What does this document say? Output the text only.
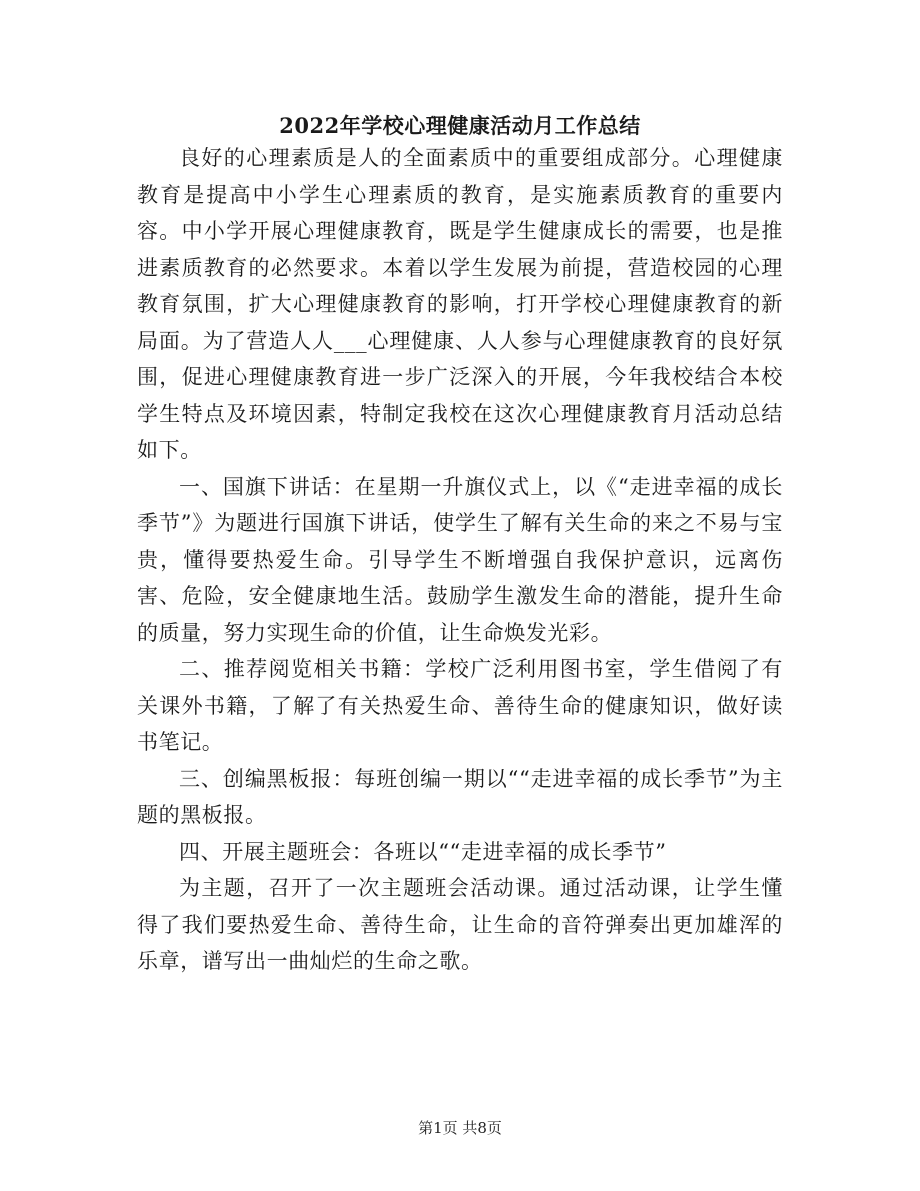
2022年学校心理健康活动月工作总结

良好的心理素质是人的全面素质中的重要组成部分。心理健康教育是提高中小学生心理素质的教育，是实施素质教育的重要内容。中小学开展心理健康教育，既是学生健康成长的需要，也是推进素质教育的必然要求。本着以学生发展为前提，营造校园的心理教育氛围，扩大心理健康教育的影响，打开学校心理健康教育的新局面。为了营造人人___心理健康、人人参与心理健康教育的良好氛围，促进心理健康教育进一步广泛深入的开展，今年我校结合本校学生特点及环境因素，特制定我校在这次心理健康教育月活动总结如下。

一、国旗下讲话：在星期一升旗仪式上，以《“走进幸福的成长季节”》为题进行国旗下讲话，使学生了解有关生命的来之不易与宝贵，懂得要热爱生命。引导学生不断增强自我保护意识，远离伤害、危险，安全健康地生活。鼓励学生激发生命的潜能，提升生命的质量，努力实现生命的价值，让生命焕发光彩。

二、推荐阅览相关书籍：学校广泛利用图书室，学生借阅了有关课外书籍，了解了有关热爱生命、善待生命的健康知识，做好读书笔记。

三、创编黑板报：每班创编一期以““走进幸福的成长季节”为主题的黑板报。

四、开展主题班会：各班以““走进幸福的成长季节”

为主题，召开了一次主题班会活动课。通过活动课，让学生懂得了我们要热爱生命、善待生命，让生命的音符弹奏出更加雄浑的乐章，谱写出一曲灿烂的生命之歌。

第1页 共8页
